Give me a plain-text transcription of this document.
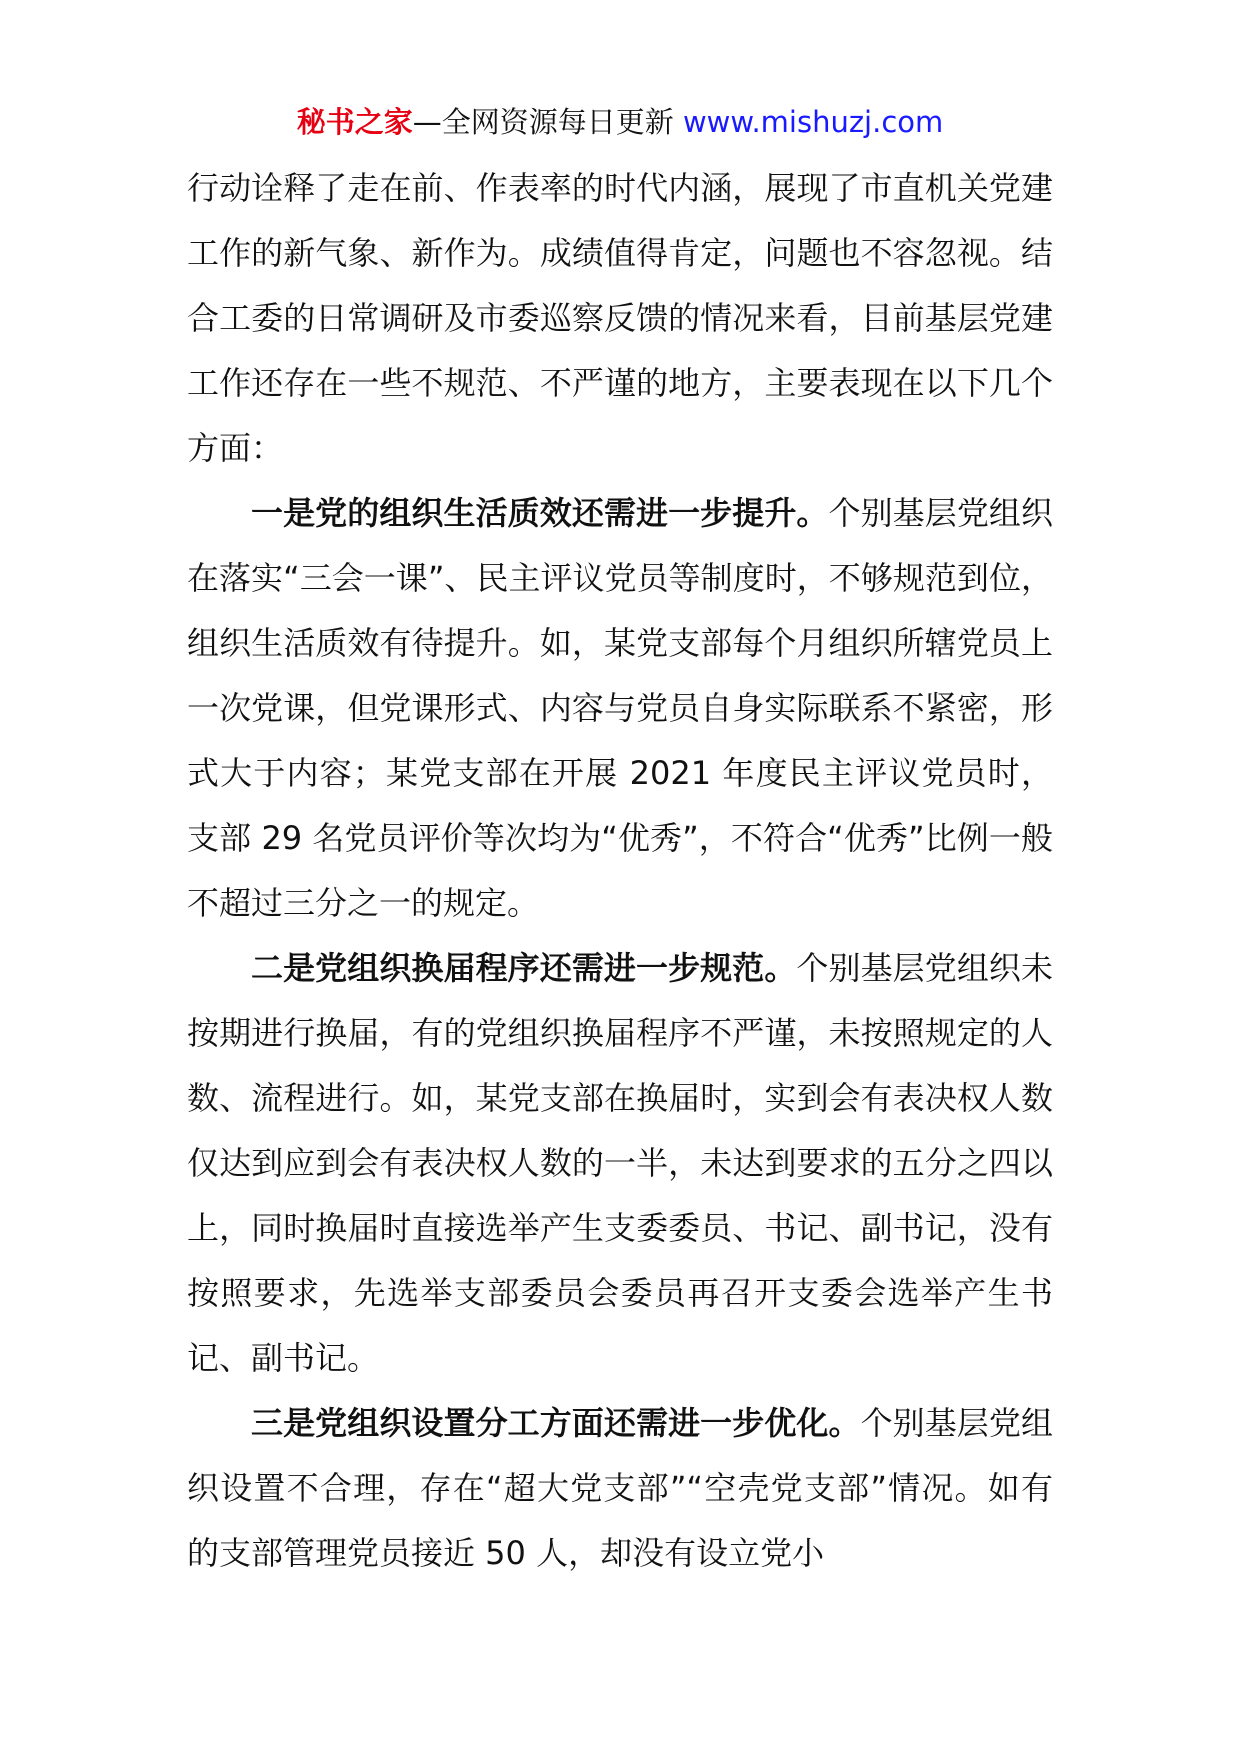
秘书之家—全网资源每日更新 www.mishuzj.com

行动诠释了走在前、作表率的时代内涵，展现了市直机关党建工作的新气象、新作为。成绩值得肯定，问题也不容忽视。结合工委的日常调研及市委巡察反馈的情况来看，目前基层党建工作还存在一些不规范、不严谨的地方，主要表现在以下几个方面：

一是党的组织生活质效还需进一步提升。个别基层党组织在落实“三会一课”、民主评议党员等制度时，不够规范到位，组织生活质效有待提升。如，某党支部每个月组织所辖党员上一次党课，但党课形式、内容与党员自身实际联系不紧密，形式大于内容；某党支部在开展 2021 年度民主评议党员时，支部 29 名党员评价等次均为“优秀”，不符合“优秀”比例一般不超过三分之一的规定。

二是党组织换届程序还需进一步规范。个别基层党组织未按期进行换届，有的党组织换届程序不严谨，未按照规定的人数、流程进行。如，某党支部在换届时，实到会有表决权人数仅达到应到会有表决权人数的一半，未达到要求的五分之四以上，同时换届时直接选举产生支委委员、书记、副书记，没有按照要求，先选举支部委员会委员再召开支委会选举产生书记、副书记。

三是党组织设置分工方面还需进一步优化。个别基层党组织设置不合理，存在“超大党支部”“空壳党支部”情况。如有的支部管理党员接近 50 人，却没有设立党小
